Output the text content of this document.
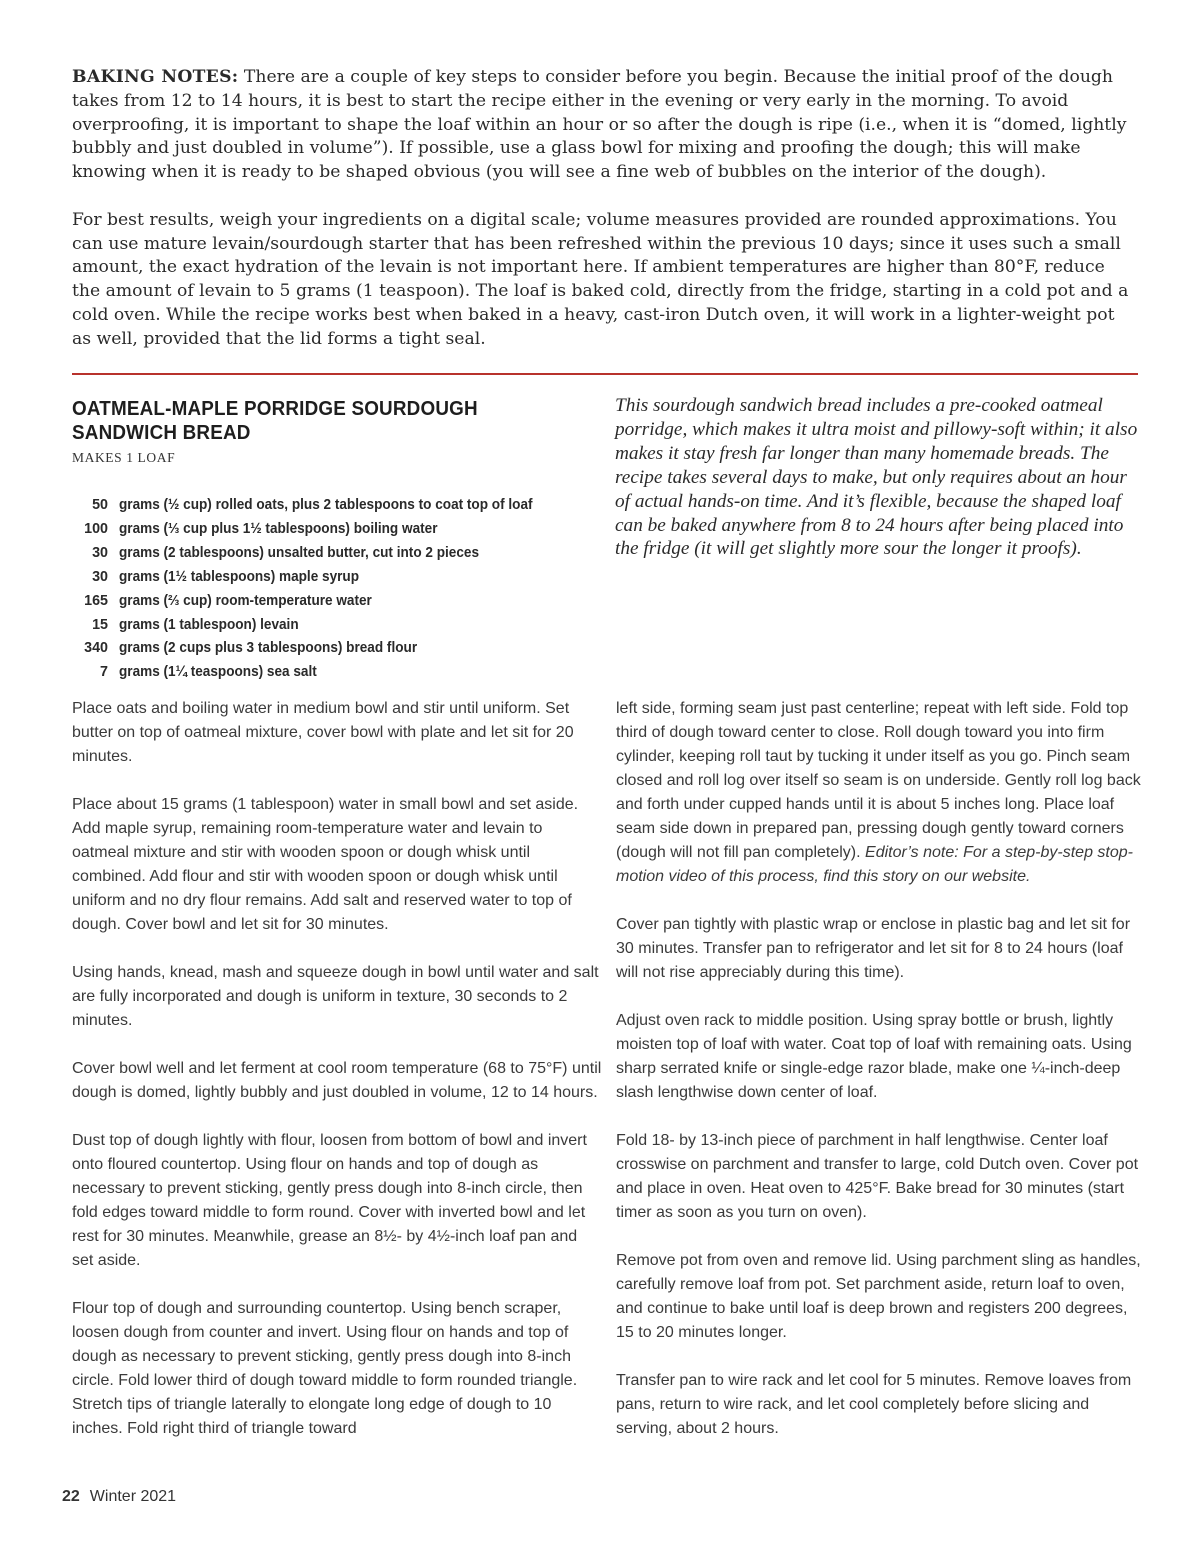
BAKING NOTES: There are a couple of key steps to consider before you begin. Because the initial proof of the dough takes from 12 to 14 hours, it is best to start the recipe either in the evening or very early in the morning. To avoid overproofing, it is important to shape the loaf within an hour or so after the dough is ripe (i.e., when it is “domed, lightly bubbly and just doubled in volume”). If possible, use a glass bowl for mixing and proofing the dough; this will make knowing when it is ready to be shaped obvious (you will see a fine web of bubbles on the interior of the dough).

For best results, weigh your ingredients on a digital scale; volume measures provided are rounded approximations. You can use mature levain/sourdough starter that has been refreshed within the previous 10 days; since it uses such a small amount, the exact hydration of the levain is not important here. If ambient temperatures are higher than 80°F, reduce the amount of levain to 5 grams (1 teaspoon). The loaf is baked cold, directly from the fridge, starting in a cold pot and a cold oven. While the recipe works best when baked in a heavy, cast-iron Dutch oven, it will work in a lighter-weight pot as well, provided that the lid forms a tight seal.

OATMEAL-MAPLE PORRIDGE SOURDOUGH SANDWICH BREAD
MAKES 1 LOAF
50 grams (½ cup) rolled oats, plus 2 tablespoons to coat top of loaf
100 grams (⅓ cup plus 1½ tablespoons) boiling water
30 grams (2 tablespoons) unsalted butter, cut into 2 pieces
30 grams (1½ tablespoons) maple syrup
165 grams (⅔ cup) room-temperature water
15 grams (1 tablespoon) levain
340 grams (2 cups plus 3 tablespoons) bread flour
7 grams (1¼ teaspoons) sea salt

This sourdough sandwich bread includes a pre-cooked oatmeal porridge, which makes it ultra moist and pillowy-soft within; it also makes it stay fresh far longer than many homemade breads. The recipe takes several days to make, but only requires about an hour of actual hands-on time. And it’s flexible, because the shaped loaf can be baked anywhere from 8 to 24 hours after being placed into the fridge (it will get slightly more sour the longer it proofs).

Place oats and boiling water in medium bowl and stir until uniform. Set butter on top of oatmeal mixture, cover bowl with plate and let sit for 20 minutes.

Place about 15 grams (1 tablespoon) water in small bowl and set aside. Add maple syrup, remaining room-temperature water and levain to oatmeal mixture and stir with wooden spoon or dough whisk until combined. Add flour and stir with wooden spoon or dough whisk until uniform and no dry flour remains. Add salt and reserved water to top of dough. Cover bowl and let sit for 30 minutes.

Using hands, knead, mash and squeeze dough in bowl until water and salt are fully incorporated and dough is uniform in texture, 30 seconds to 2 minutes.

Cover bowl well and let ferment at cool room temperature (68 to 75°F) until dough is domed, lightly bubbly and just doubled in volume, 12 to 14 hours.

Dust top of dough lightly with flour, loosen from bottom of bowl and invert onto floured countertop. Using flour on hands and top of dough as necessary to prevent sticking, gently press dough into 8-inch circle, then fold edges toward middle to form round. Cover with inverted bowl and let rest for 30 minutes. Meanwhile, grease an 8½- by 4½-inch loaf pan and set aside.

Flour top of dough and surrounding countertop. Using bench scraper, loosen dough from counter and invert. Using flour on hands and top of dough as necessary to prevent sticking, gently press dough into 8-inch circle. Fold lower third of dough toward middle to form rounded triangle. Stretch tips of triangle laterally to elongate long edge of dough to 10 inches. Fold right third of triangle toward

left side, forming seam just past centerline; repeat with left side. Fold top third of dough toward center to close. Roll dough toward you into firm cylinder, keeping roll taut by tucking it under itself as you go. Pinch seam closed and roll log over itself so seam is on underside. Gently roll log back and forth under cupped hands until it is about 5 inches long. Place loaf seam side down in prepared pan, pressing dough gently toward corners (dough will not fill pan completely). Editor’s note: For a step-by-step stop-motion video of this process, find this story on our website.

Cover pan tightly with plastic wrap or enclose in plastic bag and let sit for 30 minutes. Transfer pan to refrigerator and let sit for 8 to 24 hours (loaf will not rise appreciably during this time).

Adjust oven rack to middle position. Using spray bottle or brush, lightly moisten top of loaf with water. Coat top of loaf with remaining oats. Using sharp serrated knife or single-edge razor blade, make one ¼-inch-deep slash lengthwise down center of loaf.

Fold 18- by 13-inch piece of parchment in half lengthwise. Center loaf crosswise on parchment and transfer to large, cold Dutch oven. Cover pot and place in oven. Heat oven to 425°F. Bake bread for 30 minutes (start timer as soon as you turn on oven).

Remove pot from oven and remove lid. Using parchment sling as handles, carefully remove loaf from pot. Set parchment aside, return loaf to oven, and continue to bake until loaf is deep brown and registers 200 degrees, 15 to 20 minutes longer.

Transfer pan to wire rack and let cool for 5 minutes. Remove loaves from pans, return to wire rack, and let cool completely before slicing and serving, about 2 hours.

22 Winter 2021
